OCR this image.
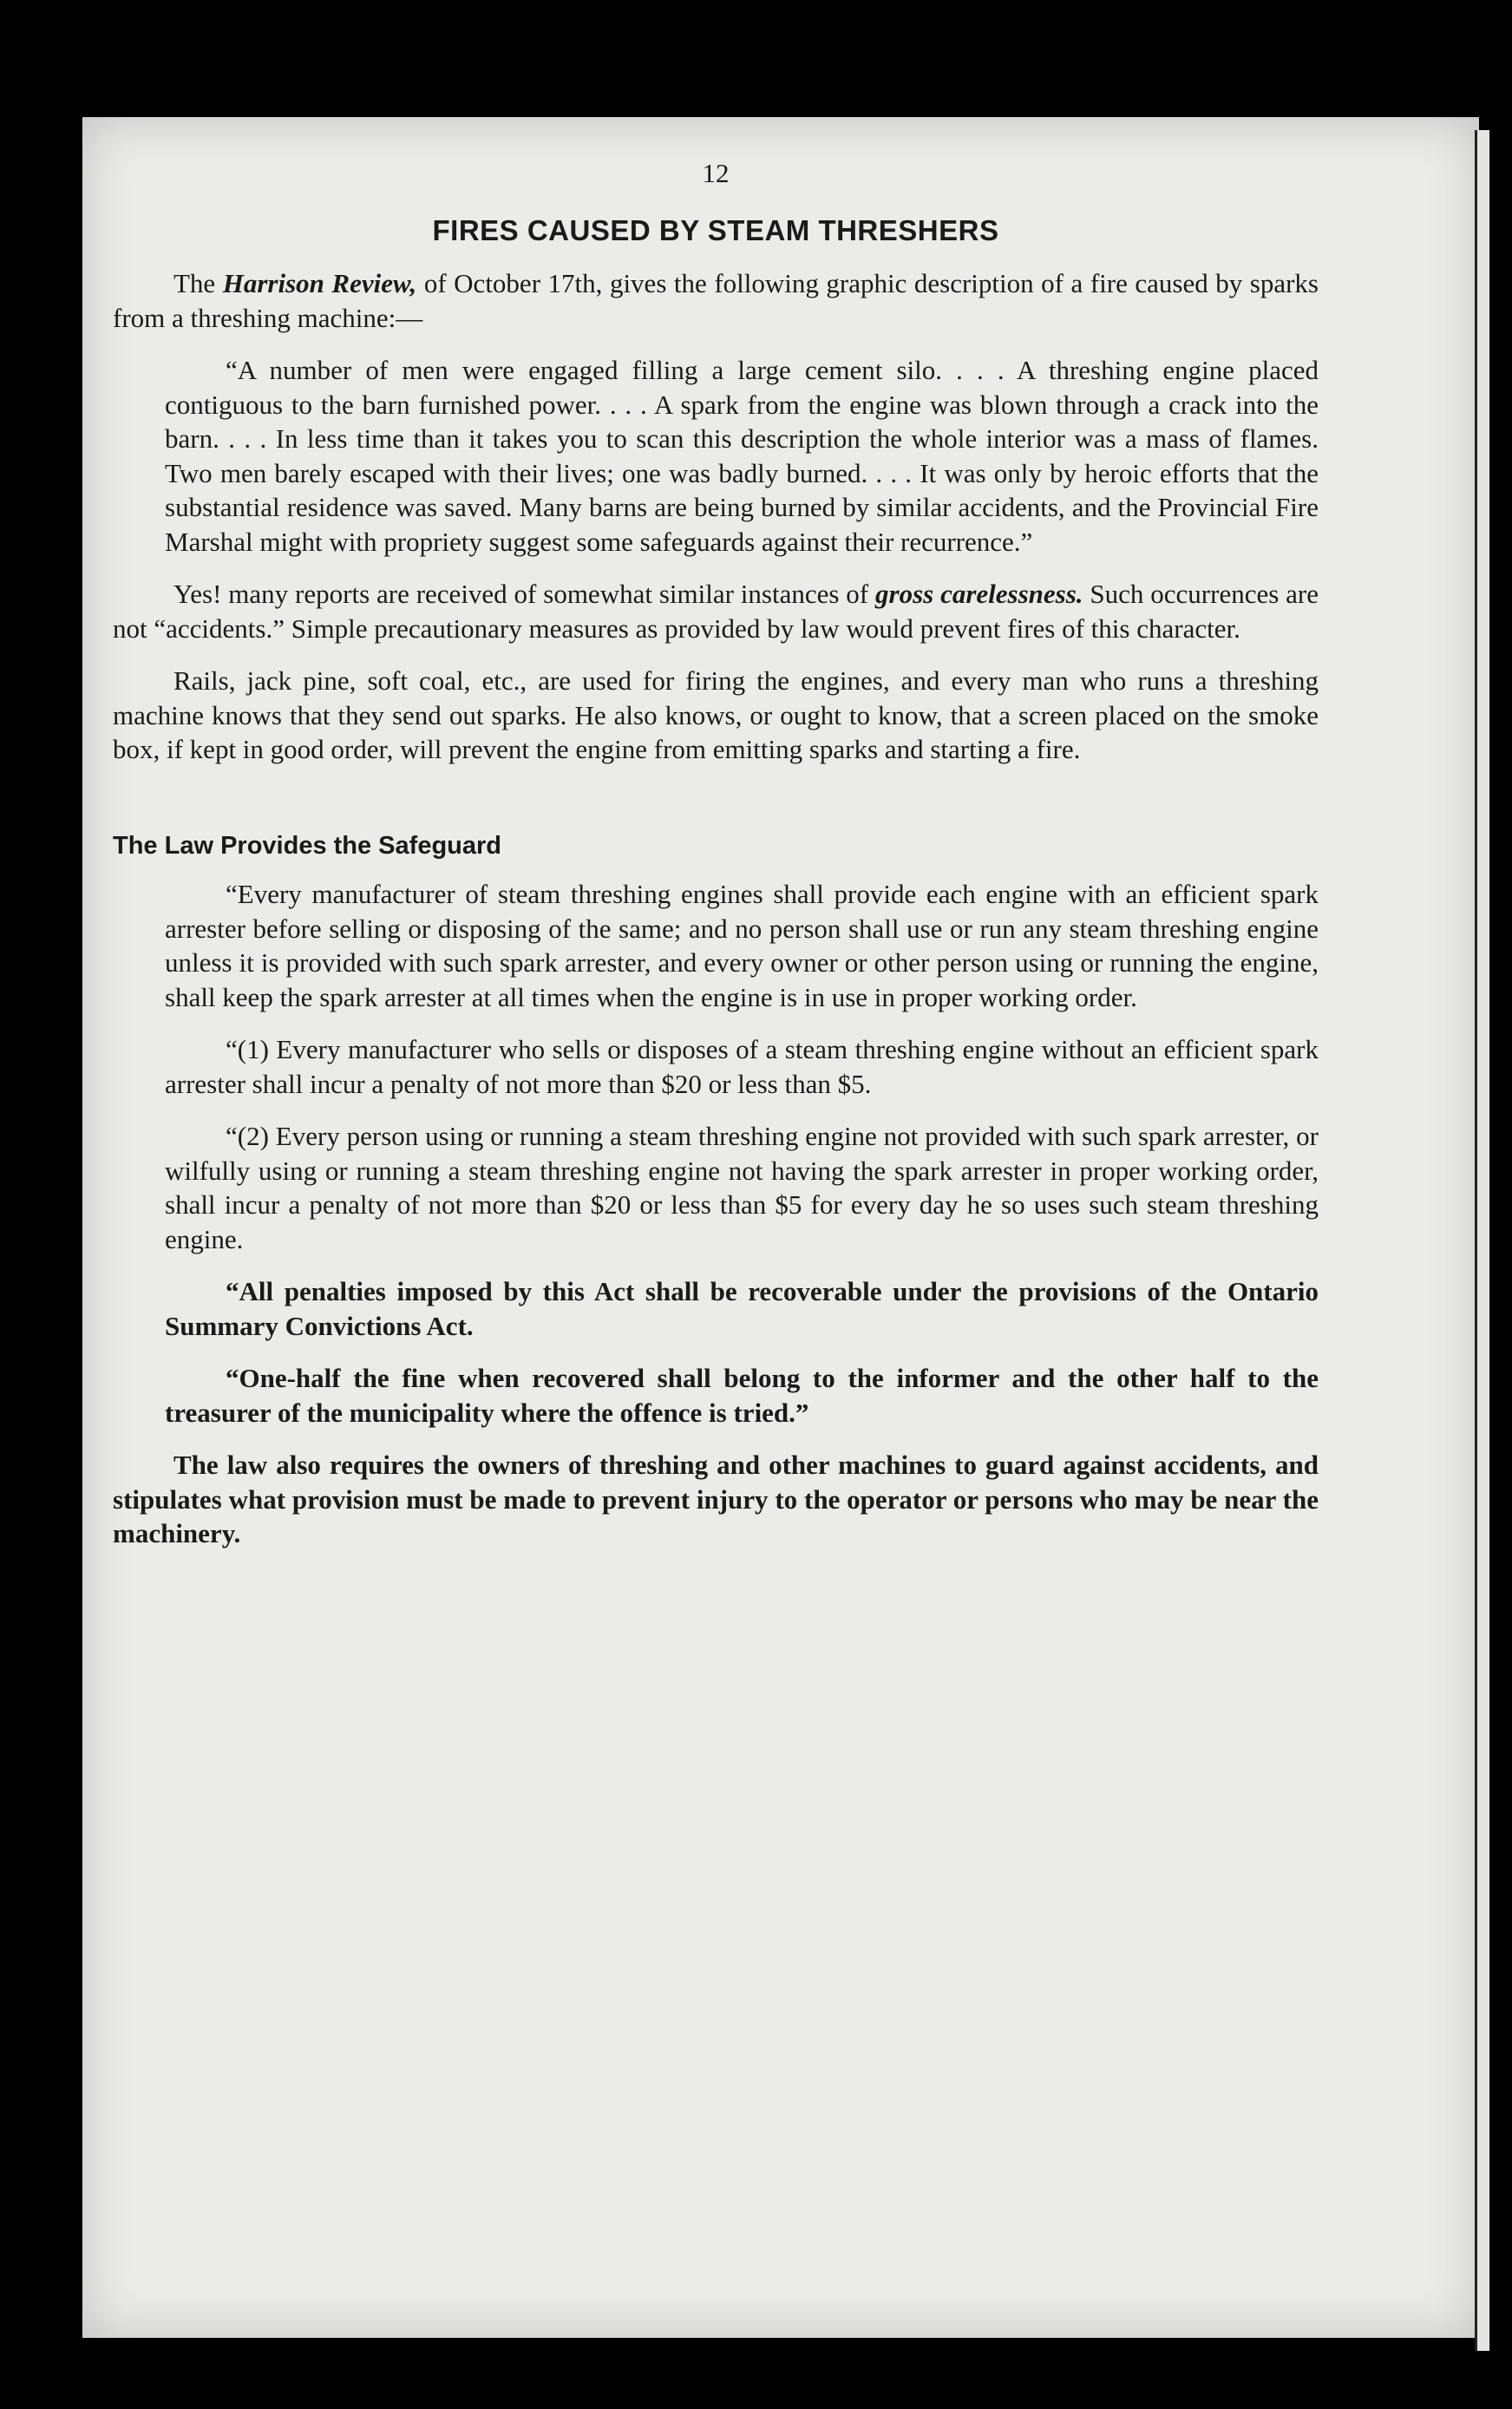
12
FIRES CAUSED BY STEAM THRESHERS

The Harrison Review, of October 17th, gives the following graphic description of a fire caused by sparks from a threshing machine:—

“A number of men were engaged filling a large cement silo. . . . A threshing engine placed contiguous to the barn furnished power. . . . A spark from the engine was blown through a crack into the barn. . . . In less time than it takes you to scan this description the whole interior was a mass of flames. Two men barely escaped with their lives; one was badly burned. . . . It was only by heroic efforts that the substantial residence was saved. Many barns are being burned by similar accidents, and the Provincial Fire Marshal might with propriety suggest some safeguards against their recurrence.”

Yes! many reports are received of somewhat similar instances of gross carelessness. Such occurrences are not “accidents.” Simple precautionary measures as provided by law would prevent fires of this character.

Rails, jack pine, soft coal, etc., are used for firing the engines, and every man who runs a threshing machine knows that they send out sparks. He also knows, or ought to know, that a screen placed on the smoke box, if kept in good order, will prevent the engine from emitting sparks and starting a fire.

The Law Provides the Safeguard

“Every manufacturer of steam threshing engines shall provide each engine with an efficient spark arrester before selling or disposing of the same; and no person shall use or run any steam threshing engine unless it is provided with such spark arrester, and every owner or other person using or running the engine, shall keep the spark arrester at all times when the engine is in use in proper working order.

“(1) Every manufacturer who sells or disposes of a steam threshing engine without an efficient spark arrester shall incur a penalty of not more than $20 or less than $5.

“(2) Every person using or running a steam threshing engine not provided with such spark arrester, or wilfully using or running a steam threshing engine not having the spark arrester in proper working order, shall incur a penalty of not more than $20 or less than $5 for every day he so uses such steam threshing engine.

“All penalties imposed by this Act shall be recoverable under the provisions of the Ontario Summary Convictions Act.

“One-half the fine when recovered shall belong to the informer and the other half to the treasurer of the municipality where the offence is tried.”

The law also requires the owners of threshing and other machines to guard against accidents, and stipulates what provision must be made to prevent injury to the operator or persons who may be near the machinery.
